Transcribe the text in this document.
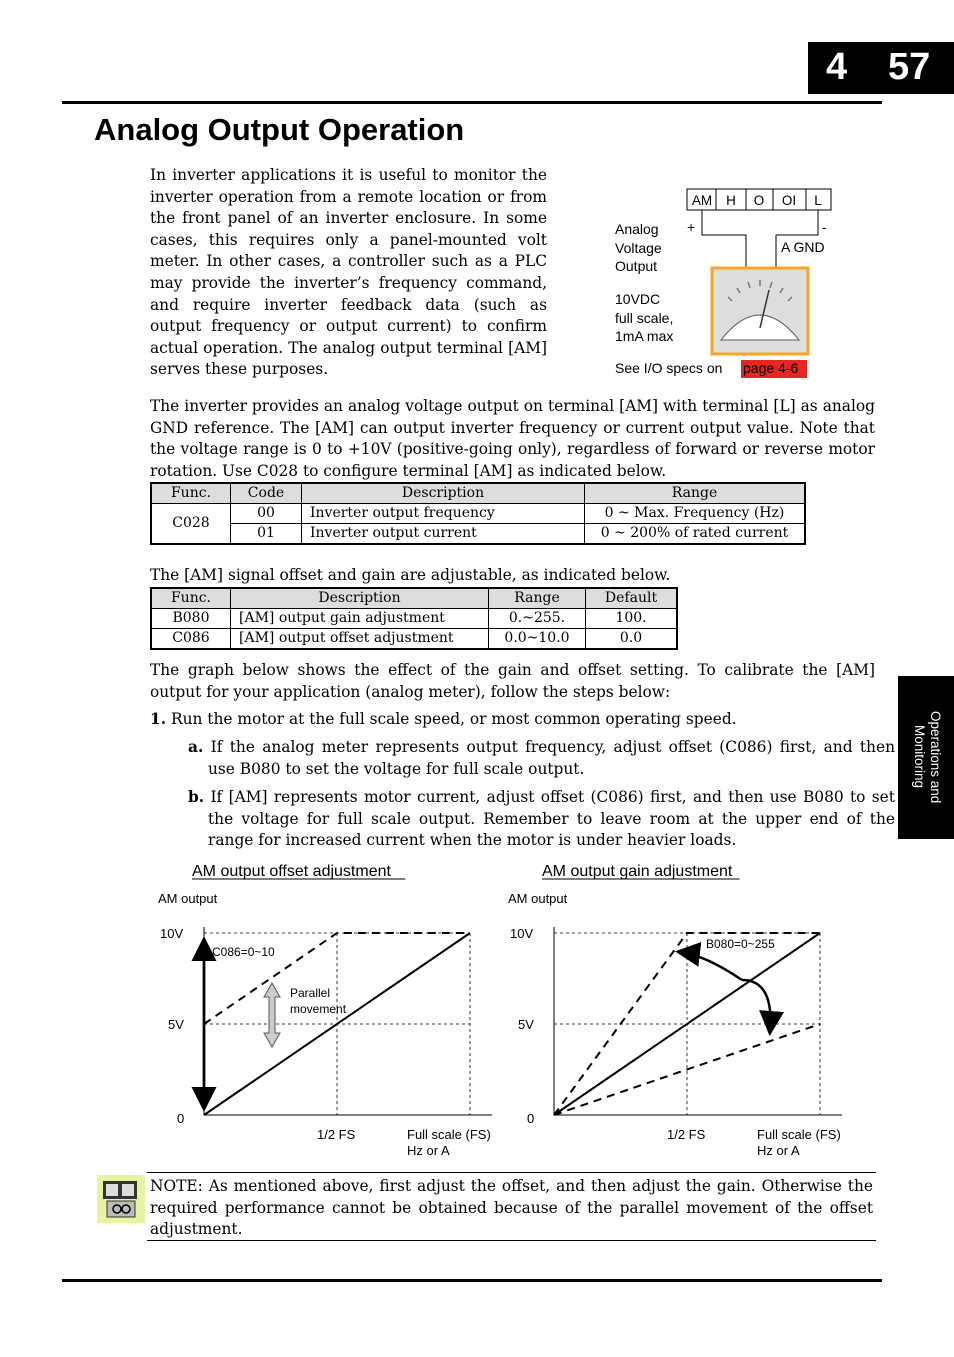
4 57
Analog Output Operation
In inverter applications it is useful to monitor the inverter operation from a remote location or from the front panel of an inverter enclosure. In some cases, this requires only a panel-mounted volt meter. In other cases, a controller such as a PLC may provide the inverter’s frequency command, and require inverter feedback data (such as output frequency or output current) to confirm actual operation. The analog output terminal [AM] serves these purposes.
AM H O OI L
+	-
A GND
Analog Voltage Output
10VDC full scale, 1mA max
See I/O specs on page 4-6
The inverter provides an analog voltage output on terminal [AM] with terminal [L] as analog GND reference. The [AM] can output inverter frequency or current output value. Note that the voltage range is 0 to +10V (positive-going only), regardless of forward or reverse motor rotation. Use C028 to configure terminal [AM] as indicated below.
Func.	Code	Description	Range
C028	00	Inverter output frequency	0 ~ Max. Frequency (Hz)
	01	Inverter output current	0 ~ 200% of rated current
The [AM] signal offset and gain are adjustable, as indicated below.
Func.	Description	Range	Default
B080	[AM] output gain adjustment	0.~255.	100.
C086	[AM] output offset adjustment	0.0~10.0	0.0
The graph below shows the effect of the gain and offset setting. To calibrate the [AM] output for your application (analog meter), follow the steps below:
1. Run the motor at the full scale speed, or most common operating speed.
a. If the analog meter represents output frequency, adjust offset (C086) first, and then use B080 to set the voltage for full scale output.
b. If [AM] represents motor current, adjust offset (C086) first, and then use B080 to set the voltage for full scale output. Remember to leave room at the upper end of the range for increased current when the motor is under heavier loads.
Operations and Monitoring
AM output offset adjustment
AM output
10V
5V
0
1/2 FS	Full scale (FS)
Hz or A
C086=0~10
Parallel
movement
AM output gain adjustment
AM output
10V
5V
0
1/2 FS	Full scale (FS)
Hz or A
B080=0~255
NOTE: As mentioned above, first adjust the offset, and then adjust the gain. Otherwise the required performance cannot be obtained because of the parallel movement of the offset adjustment.
